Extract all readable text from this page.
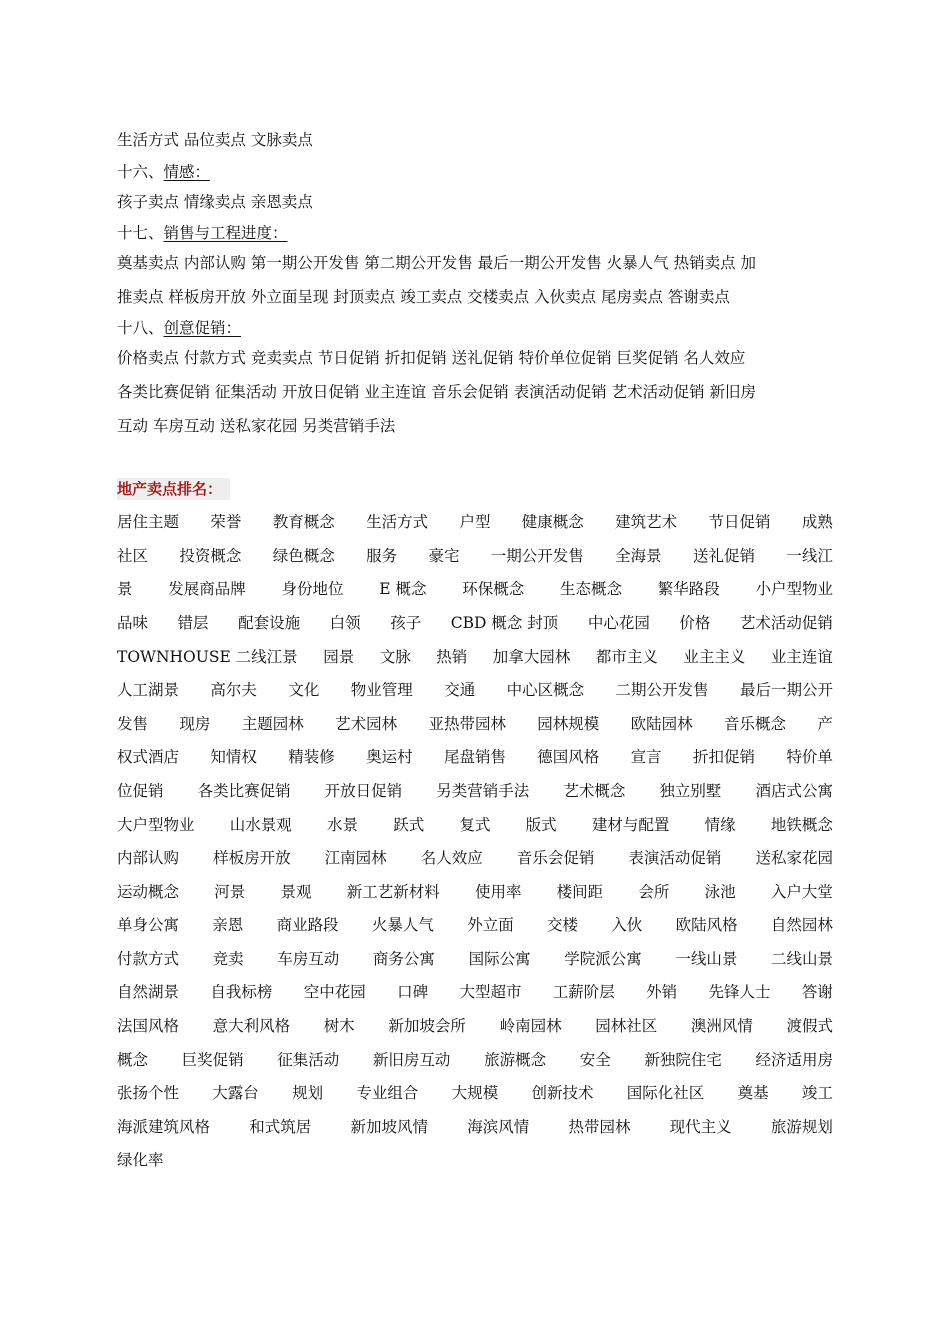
生活方式 品位卖点 文脉卖点
十六、情感：
孩子卖点 情缘卖点 亲恩卖点
十七、销售与工程进度：
奠基卖点 内部认购 第一期公开发售 第二期公开发售 最后一期公开发售 火暴人气 热销卖点 加
推卖点 样板房开放 外立面呈现 封顶卖点 竣工卖点 交楼卖点 入伙卖点 尾房卖点 答谢卖点
十八、创意促销：
价格卖点 付款方式 竞卖卖点 节日促销 折扣促销 送礼促销 特价单位促销 巨奖促销 名人效应
各类比赛促销 征集活动 开放日促销 业主连谊 音乐会促销 表演活动促销 艺术活动促销 新旧房
互动 车房互动 送私家花园 另类营销手法
地产卖点排名：
居住主题 荣誉 教育概念 生活方式 户型 健康概念 建筑艺术 节日促销 成熟
社区 投资概念 绿色概念 服务 豪宅 一期公开发售 全海景 送礼促销 一线江
景 发展商品牌 身份地位 E 概念 环保概念 生态概念 繁华路段 小户型物业
品味 错层 配套设施 白领 孩子 CBD 概念 封顶 中心花园 价格 艺术活动促销
TOWNHOUSE 二线江景 园景 文脉 热销 加拿大园林 都市主义 业主主义 业主连谊
人工湖景 高尔夫 文化 物业管理 交通 中心区概念 二期公开发售 最后一期公开
发售 现房 主题园林 艺术园林 亚热带园林 园林规模 欧陆园林 音乐概念 产
权式酒店 知情权 精装修 奥运村 尾盘销售 德国风格 宣言 折扣促销 特价单
位促销 各类比赛促销 开放日促销 另类营销手法 艺术概念 独立别墅 酒店式公寓
大户型物业 山水景观 水景 跃式 复式 版式 建材与配置 情缘 地铁概念
内部认购 样板房开放 江南园林 名人效应 音乐会促销 表演活动促销 送私家花园
运动概念 河景 景观 新工艺新材料 使用率 楼间距 会所 泳池 入户大堂
单身公寓 亲恩 商业路段 火暴人气 外立面 交楼 入伙 欧陆风格 自然园林
付款方式 竞卖 车房互动 商务公寓 国际公寓 学院派公寓 一线山景 二线山景
自然湖景 自我标榜 空中花园 口碑 大型超市 工薪阶层 外销 先锋人士 答谢
法国风格 意大利风格 树木 新加坡会所 岭南园林 园林社区 澳洲风情 渡假式
概念 巨奖促销 征集活动 新旧房互动 旅游概念 安全 新独院住宅 经济适用房
张扬个性 大露台 规划 专业组合 大规模 创新技术 国际化社区 奠基 竣工
海派建筑风格	和式筑居	新加坡风情	海滨风情	热带园林	现代主义	旅游规划
绿化率
